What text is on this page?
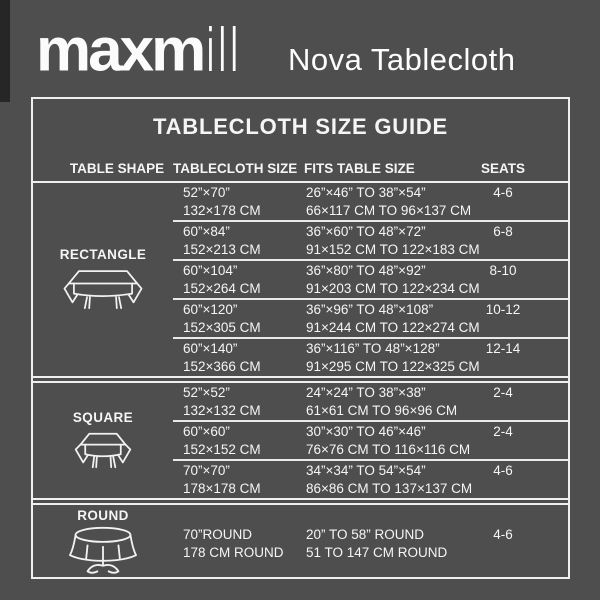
maxm ill Nova Tablecloth
TABLECLOTH SIZE GUIDE
TABLE SHAPE TABLECLOTH SIZE FITS TABLE SIZE	SEATS
RECTANGLE
52”×70”
132×178 CM
26”×46” TO 38”×54”
66×117 CM TO 96×137 CM
4-6
60”×84”
152×213 CM
36”×60” TO 48”×72”
91×152 CM TO 122×183 CM
6-8
60”×104”
152×264 CM
36”×80” TO 48”×92”
91×203 CM TO 122×234 CM
8-10
60”×120”
152×305 CM
36”×96” TO 48”×108”
91×244 CM TO 122×274 CM
10-12
60”×140”
152×366 CM
36”×116” TO 48”×128”
91×295 CM TO 122×325 CM
12-14
SQUARE
52”×52”
132×132 CM
24”×24” TO 38”×38”
61×61 CM TO 96×96 CM
2-4
60”×60”
152×152 CM
30”×30” TO 46”×46”
76×76 CM TO 116×116 CM
2-4
70”×70”
178×178 CM
34”×34” TO 54”×54”
86×86 CM TO 137×137 CM
4-6
ROUND
70”ROUND
178 CM ROUND
20” TO 58” ROUND
51 TO 147 CM ROUND
4-6
